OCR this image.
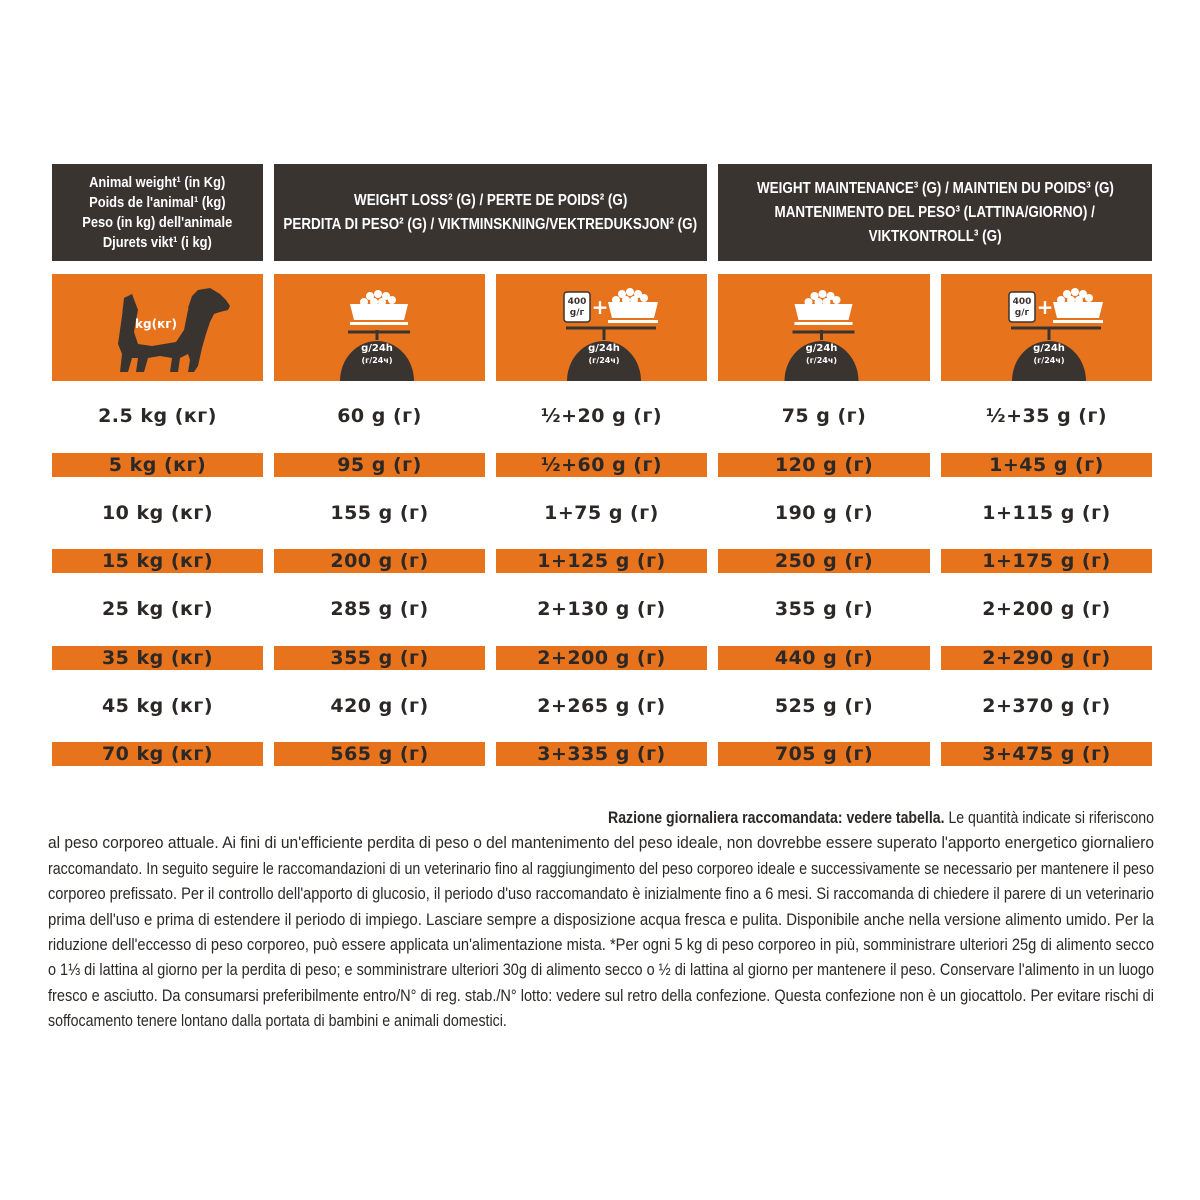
Animal weight¹ (in Kg)
Poids de l'animal¹ (kg)
Peso (in kg) dell'animale
Djurets vikt¹ (i kg)
WEIGHT LOSS² (G) / PERTE DE POIDS² (G)
PERDITA DI PESO² (G) / VIKTMINSKNING/VEKTREDUKSJON² (G)
WEIGHT MAINTENANCE³ (G) / MAINTIEN DU POIDS³ (G)
MANTENIMENTO DEL PESO³ (LATTINA/GIORNO) /
VIKTKONTROLL³ (G)
kg(кг)
g/24h
(г/24ч)
400
g/г +
g/24h
(г/24ч)
g/24h
(г/24ч)
400
g/г +
g/24h
(г/24ч)
2.5 kg (кг)	60 g (г)	½+20 g (г)	75 g (г)	½+35 g (г)
5 kg (кг)	95 g (г)	½+60 g (г)	120 g (г)	1+45 g (г)
10 kg (кг)	155 g (г)	1+75 g (г)	190 g (г)	1+115 g (г)
15 kg (кг)	200 g (г)	1+125 g (г)	250 g (г)	1+175 g (г)
25 kg (кг)	285 g (г)	2+130 g (г)	355 g (г)	2+200 g (г)
35 kg (кг)	355 g (г)	2+200 g (г)	440 g (г)	2+290 g (г)
45 kg (кг)	420 g (г)	2+265 g (г)	525 g (г)	2+370 g (г)
70 kg (кг)	565 g (г)	3+335 g (г)	705 g (г)	3+475 g (г)
Razione giornaliera raccomandata: vedere tabella. Le quantità indicate si riferiscono
al peso corporeo attuale. Ai fini di un'efficiente perdita di peso o del mantenimento del peso ideale, non dovrebbe essere superato l'apporto energetico giornaliero
raccomandato. In seguito seguire le raccomandazioni di un veterinario fino al raggiungimento del peso corporeo ideale e successivamente se necessario per mantenere il peso
corporeo prefissato. Per il controllo dell'apporto di glucosio, il periodo d'uso raccomandato è inizialmente fino a 6 mesi. Si raccomanda di chiedere il parere di un veterinario
prima dell'uso e prima di estendere il periodo di impiego. Lasciare sempre a disposizione acqua fresca e pulita. Disponibile anche nella versione alimento umido. Per la
riduzione dell'eccesso di peso corporeo, può essere applicata un'alimentazione mista. *Per ogni 5 kg di peso corporeo in più, somministrare ulteriori 25g di alimento secco
o 1⅓ di lattina al giorno per la perdita di peso; e somministrare ulteriori 30g di alimento secco o ½ di lattina al giorno per mantenere il peso. Conservare l'alimento in un luogo
fresco e asciutto. Da consumarsi preferibilmente entro/N° di reg. stab./N° lotto: vedere sul retro della confezione. Questa confezione non è un giocattolo. Per evitare rischi di
soffocamento tenere lontano dalla portata di bambini e animali domestici.
